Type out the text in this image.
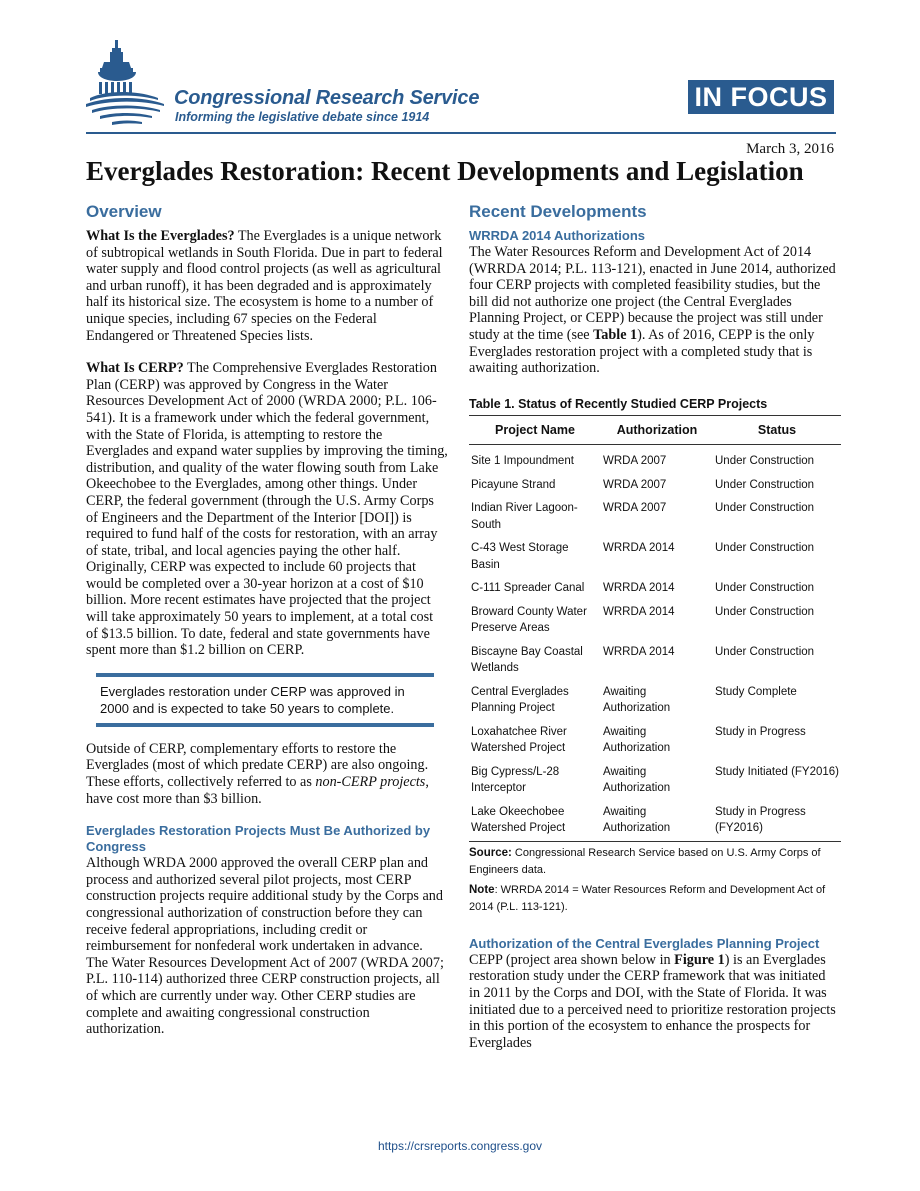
Congressional Research Service
Informing the legislative debate since 1914
IN FOCUS
March 3, 2016
Everglades Restoration: Recent Developments and Legislation
Overview

What Is the Everglades? The Everglades is a unique network of subtropical wetlands in South Florida. Due in part to federal water supply and flood control projects (as well as agricultural and urban runoff), it has been degraded and is approximately half its historical size. The ecosystem is home to a number of unique species, including 67 species on the Federal Endangered or Threatened Species lists.

What Is CERP? The Comprehensive Everglades Restoration Plan (CERP) was approved by Congress in the Water Resources Development Act of 2000 (WRDA 2000; P.L. 106-541). It is a framework under which the federal government, with the State of Florida, is attempting to restore the Everglades and expand water supplies by improving the timing, distribution, and quality of the water flowing south from Lake Okeechobee to the Everglades, among other things. Under CERP, the federal government (through the U.S. Army Corps of Engineers and the Department of the Interior [DOI]) is required to fund half of the costs for restoration, with an array of state, tribal, and local agencies paying the other half. Originally, CERP was expected to include 60 projects that would be completed over a 30-year horizon at a cost of $10 billion. More recent estimates have projected that the project will take approximately 50 years to implement, at a total cost of $13.5 billion. To date, federal and state governments have spent more than $1.2 billion on CERP.

Everglades restoration under CERP was approved in 2000 and is expected to take 50 years to complete.

Outside of CERP, complementary efforts to restore the Everglades (most of which predate CERP) are also ongoing. These efforts, collectively referred to as non-CERP projects, have cost more than $3 billion.

Everglades Restoration Projects Must Be Authorized by Congress

Although WRDA 2000 approved the overall CERP plan and process and authorized several pilot projects, most CERP construction projects require additional study by the Corps and congressional authorization of construction before they can receive federal appropriations, including credit or reimbursement for nonfederal work undertaken in advance. The Water Resources Development Act of 2007 (WRDA 2007; P.L. 110-114) authorized three CERP construction projects, all of which are currently under way. Other CERP studies are complete and awaiting congressional construction authorization.

Recent Developments
WRRDA 2014 Authorizations

The Water Resources Reform and Development Act of 2014 (WRRDA 2014; P.L. 113-121), enacted in June 2014, authorized four CERP projects with completed feasibility studies, but the bill did not authorize one project (the Central Everglades Planning Project, or CEPP) because the project was still under study at the time (see Table 1). As of 2016, CEPP is the only Everglades restoration project with a completed study that is awaiting authorization.

Table 1. Status of Recently Studied CERP Projects
Project Name	Authorization	Status
Site 1 Impoundment	WRDA 2007	Under Construction
Picayune Strand	WRDA 2007	Under Construction
Indian River Lagoon-South	WRDA 2007	Under Construction
C-43 West Storage Basin	WRRDA 2014	Under Construction
C-111 Spreader Canal	WRRDA 2014	Under Construction
Broward County Water Preserve Areas	WRRDA 2014	Under Construction
Biscayne Bay Coastal Wetlands	WRRDA 2014	Under Construction
Central Everglades Planning Project	Awaiting Authorization	Study Complete
Loxahatchee River Watershed Project	Awaiting Authorization	Study in Progress
Big Cypress/L-28 Interceptor	Awaiting Authorization	Study Initiated (FY2016)
Lake Okeechobee Watershed Project	Awaiting Authorization	Study in Progress (FY2016)

Source: Congressional Research Service based on U.S. Army Corps of Engineers data.

Note: WRRDA 2014 = Water Resources Reform and Development Act of 2014 (P.L. 113-121).

Authorization of the Central Everglades Planning Project

CEPP (project area shown below in Figure 1) is an Everglades restoration study under the CERP framework that was initiated in 2011 by the Corps and DOI, with the State of Florida. It was initiated due to a perceived need to prioritize restoration projects in this portion of the ecosystem to enhance the prospects for Everglades

https://crsreports.congress.gov
